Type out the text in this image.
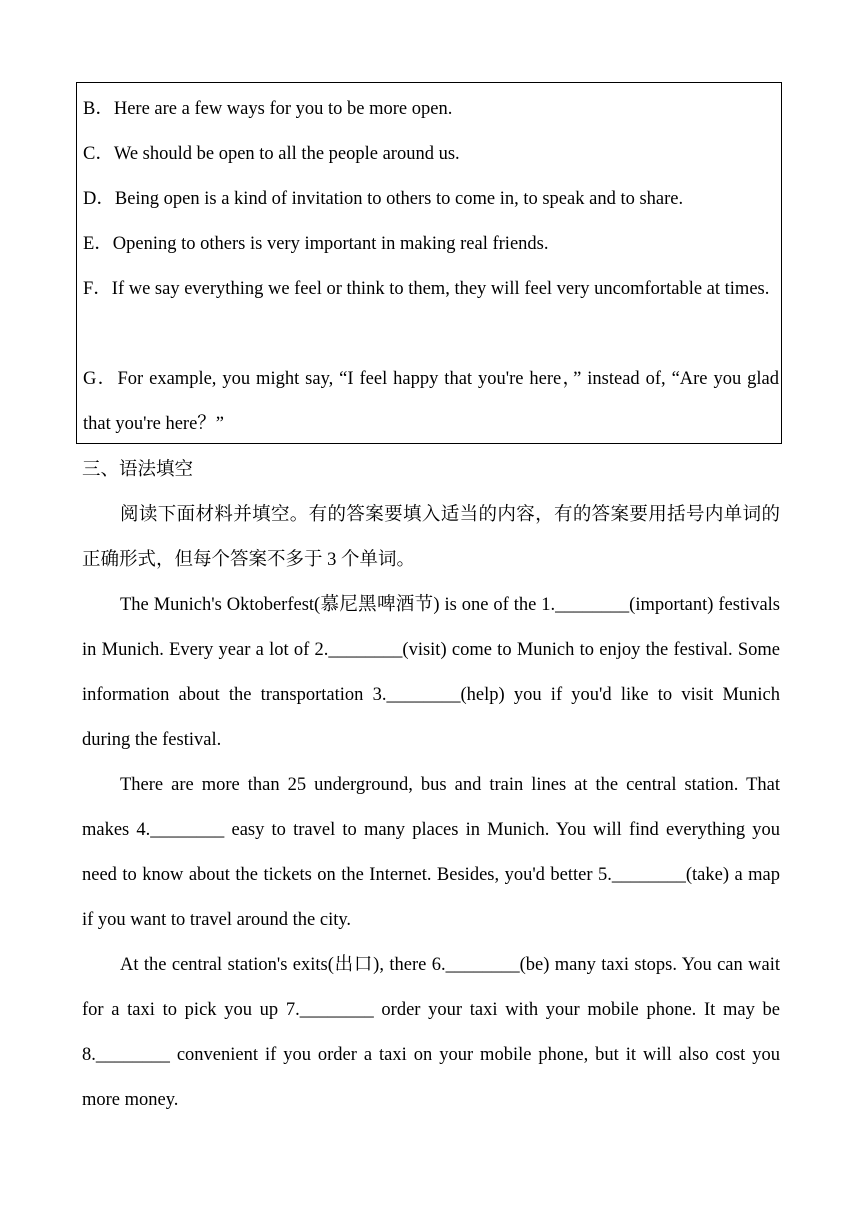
B．Here are a few ways for you to be more open.

C．We should be open to all the people around us.

D．Being open is a kind of invitation to others to come in, to speak and to share.

E．Opening to others is very important in making real friends.

F．If we say everything we feel or think to them, they will feel very uncomfortable at times.

G．For example, you might say, “I feel happy that you're here，” instead of, “Are you glad that you're here？”

三、语法填空

阅读下面材料并填空。有的答案要填入适当的内容，有的答案要用括号内单词的正确形式，但每个答案不多于 3 个单词。

The Munich's Oktoberfest(慕尼黑啤酒节) is one of the 1.________(important) festivals in Munich. Every year a lot of 2.________(visit) come to Munich to enjoy the festival. Some information about the transportation 3.________(help) you if you'd like to visit Munich during the festival.

There are more than 25 underground, bus and train lines at the central station. That makes 4.________ easy to travel to many places in Munich. You will find everything you need to know about the tickets on the Internet. Besides, you'd better 5.________(take) a map if you want to travel around the city.

At the central station's exits(出口), there 6.________(be) many taxi stops. You can wait for a taxi to pick you up 7.________ order your taxi with your mobile phone. It may be 8.________ convenient if you order a taxi on your mobile phone, but it will also cost you more money.
